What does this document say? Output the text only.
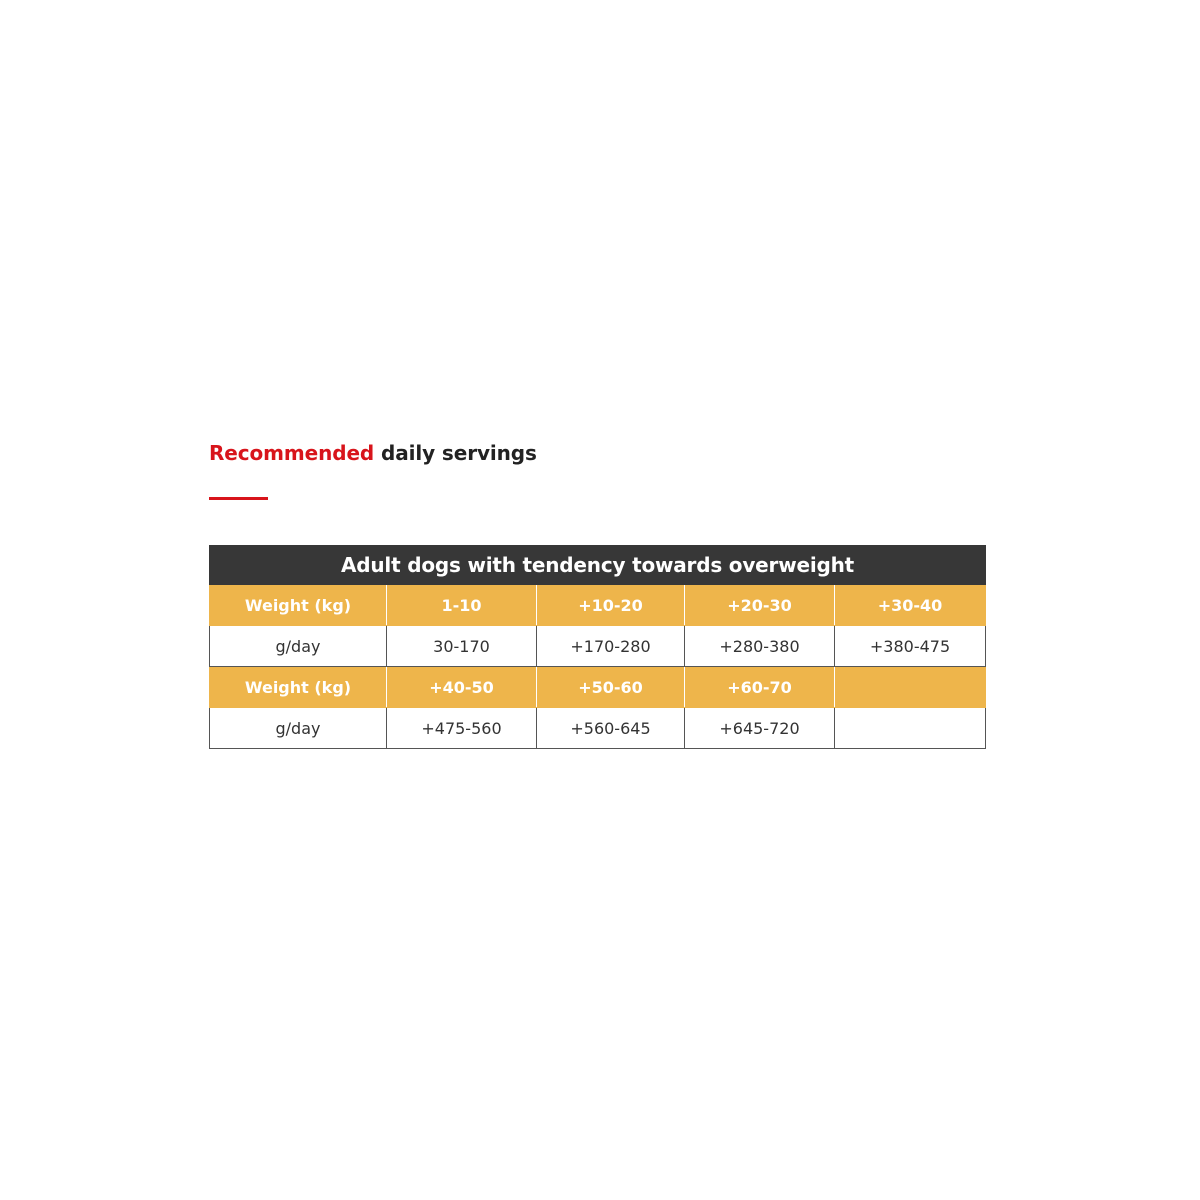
Recommended daily servings
Adult dogs with tendency towards overweight				
Weight (kg)	1-10	+10-20	+20-30	+30-40
g/day	30-170	+170-280	+280-380	+380-475
Weight (kg)	+40-50	+50-60	+60-70	
g/day	+475-560	+560-645	+645-720	
